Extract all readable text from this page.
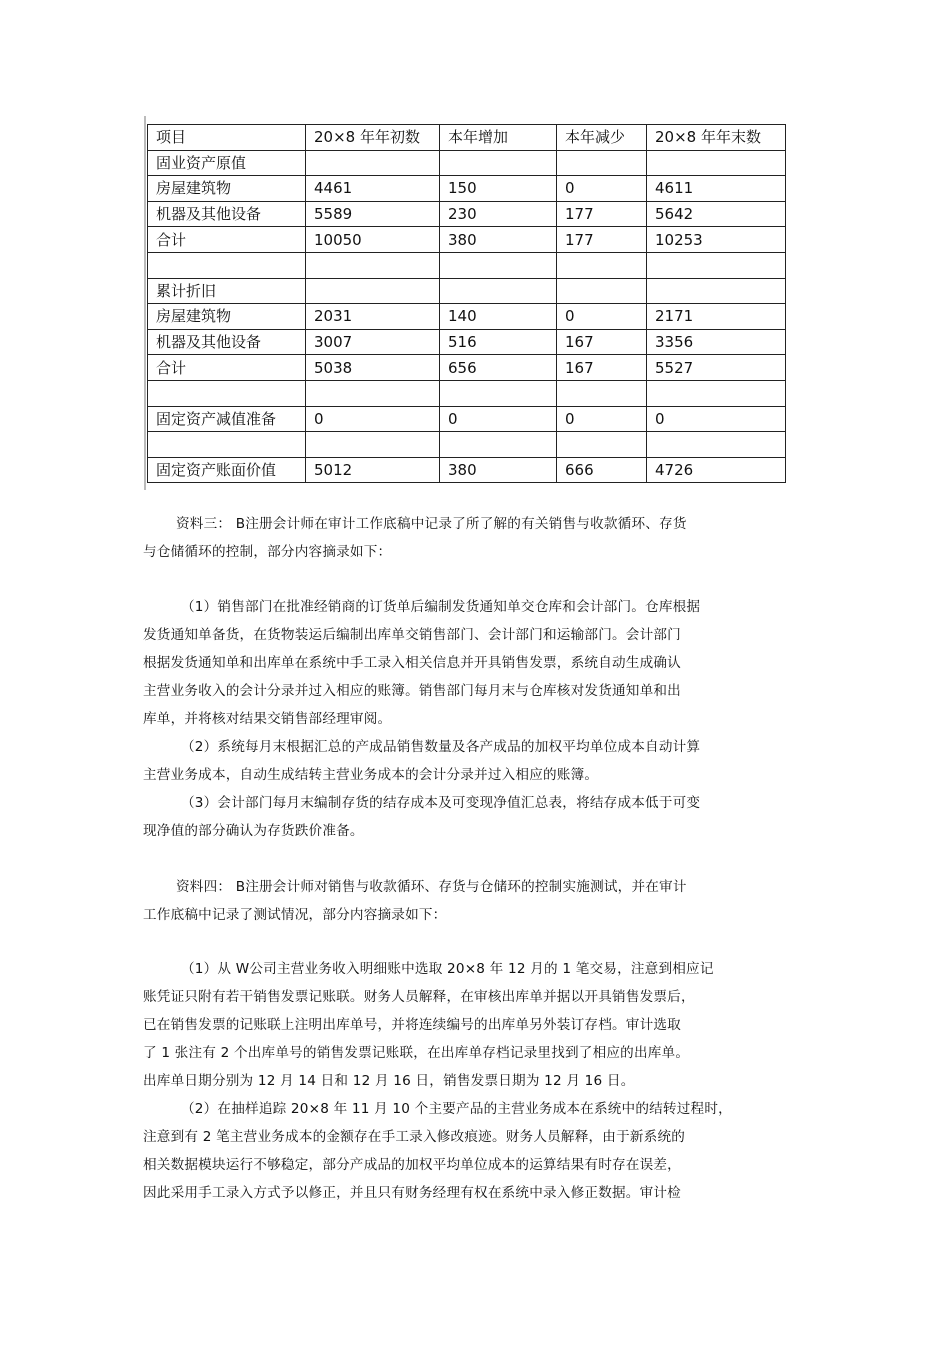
项目	20×8 年年初数	本年增加	本年减少	20×8 年年末数
固业资产原值				
房屋建筑物	4461	150	0	4611
机器及其他设备	5589	230	177	5642
合计	10050	380	177	10253

累计折旧				
房屋建筑物	2031	140	0	2171
机器及其他设备	3007	516	167	3356
合计	5038	656	167	5527

固定资产减值准备	0	0	0	0

固定资产账面价值	5012	380	666	4726

资料三： B注册会计师在审计工作底稿中记录了所了解的有关销售与收款循环、存货

与仓储循环的控制，部分内容摘录如下：

（1）销售部门在批准经销商的订货单后编制发货通知单交仓库和会计部门。仓库根据

发货通知单备货，在货物装运后编制出库单交销售部门、会计部门和运输部门。会计部门

根据发货通知单和出库单在系统中手工录入相关信息并开具销售发票，系统自动生成确认

主营业务收入的会计分录并过入相应的账簿。销售部门每月末与仓库核对发货通知单和出

库单，并将核对结果交销售部经理审阅。

（2）系统每月末根据汇总的产成品销售数量及各产成品的加权平均单位成本自动计算

主营业务成本，自动生成结转主营业务成本的会计分录并过入相应的账簿。

（3）会计部门每月末编制存货的结存成本及可变现净值汇总表，将结存成本低于可变

现净值的部分确认为存货跌价准备。

资料四： B注册会计师对销售与收款循环、存货与仓储环的控制实施测试，并在审计

工作底稿中记录了测试情况，部分内容摘录如下：

（1）从 W公司主营业务收入明细账中选取 20×8 年 12 月的 1 笔交易，注意到相应记

账凭证只附有若干销售发票记账联。财务人员解释，在审核出库单并据以开具销售发票后，

已在销售发票的记账联上注明出库单号，并将连续编号的出库单另外装订存档。审计选取

了 1 张注有 2 个出库单号的销售发票记账联，在出库单存档记录里找到了相应的出库单。

出库单日期分别为 12 月 14 日和 12 月 16 日，销售发票日期为 12 月 16 日。

（2）在抽样追踪 20×8 年 11 月 10 个主要产品的主营业务成本在系统中的结转过程时，

注意到有 2 笔主营业务成本的金额存在手工录入修改痕迹。财务人员解释，由于新系统的

相关数据模块运行不够稳定，部分产成品的加权平均单位成本的运算结果有时存在误差，

因此采用手工录入方式予以修正，并且只有财务经理有权在系统中录入修正数据。审计检
